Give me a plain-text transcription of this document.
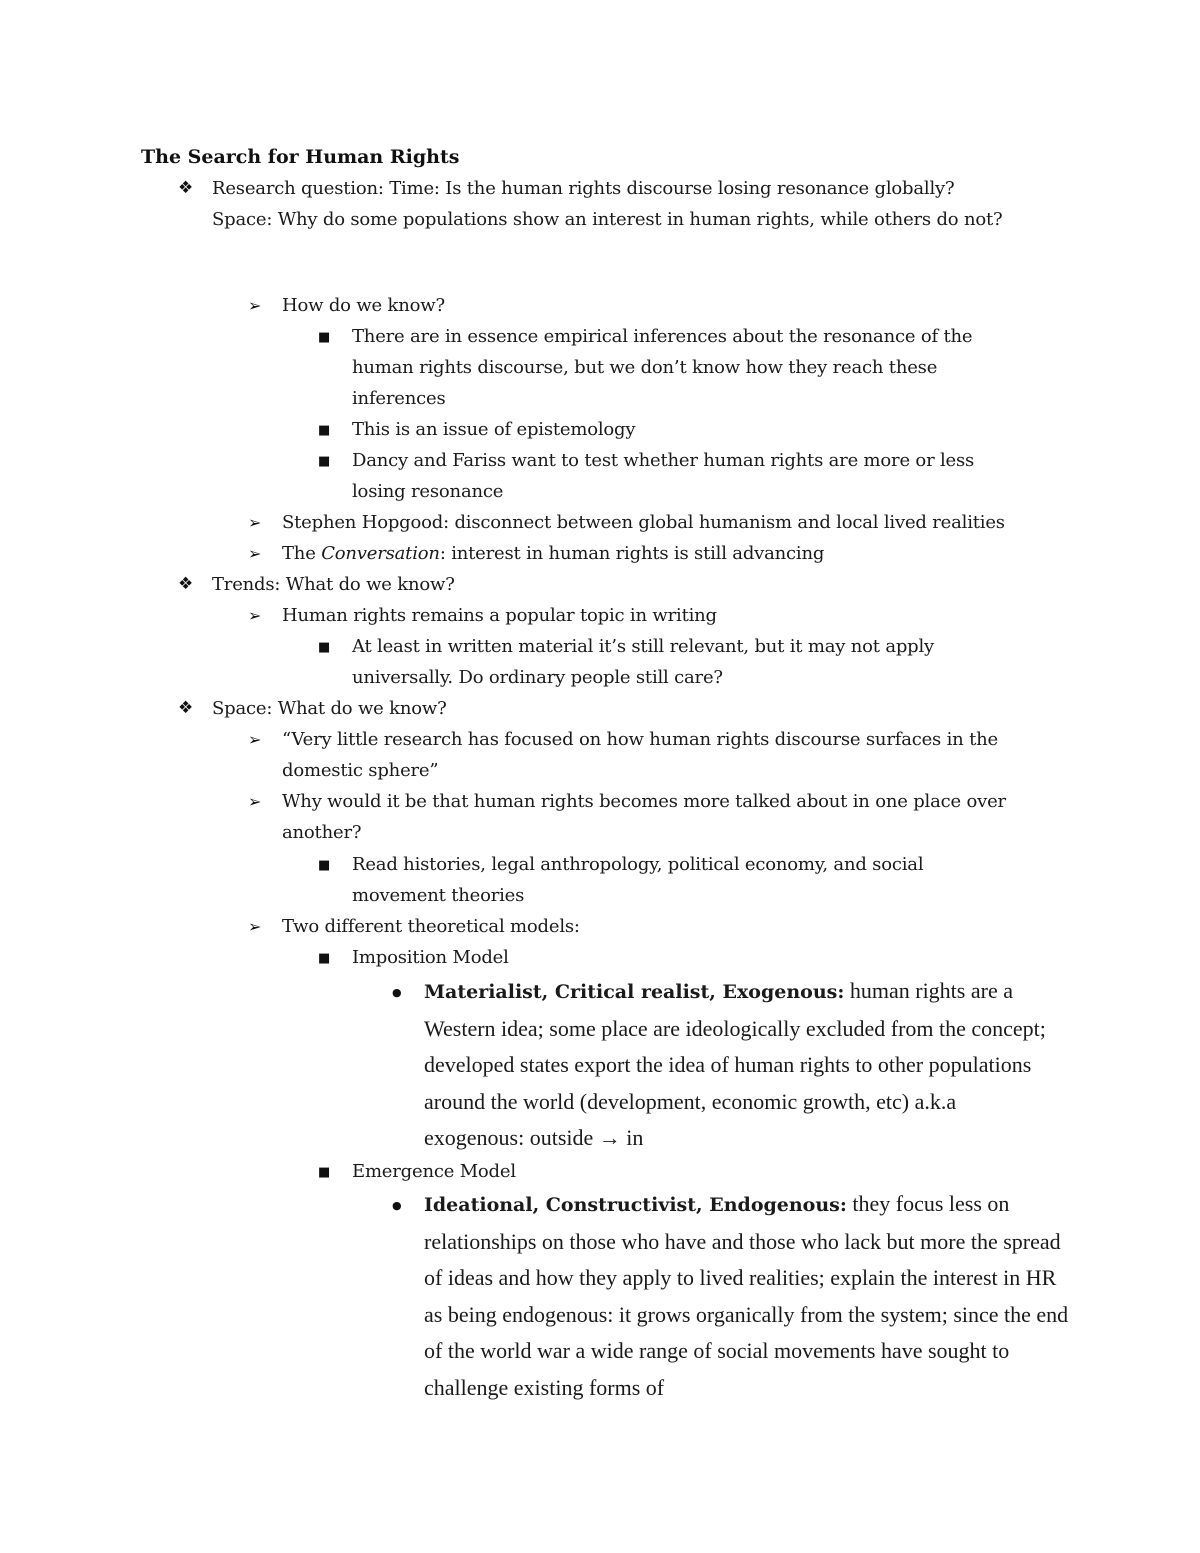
The Search for Human Rights
❖	Research question: Time: Is the human rights discourse losing resonance globally?
Space: Why do some populations show an interest in human rights, while others do not?
➢	How do we know?
■	There are in essence empirical inferences about the resonance of the human rights discourse, but we don’t know how they reach these inferences
■	This is an issue of epistemology
■	Dancy and Fariss want to test whether human rights are more or less losing resonance
➢	Stephen Hopgood: disconnect between global humanism and local lived realities
➢	The Conversation: interest in human rights is still advancing
❖	Trends: What do we know?
➢	Human rights remains a popular topic in writing
■	At least in written material it’s still relevant, but it may not apply universally. Do ordinary people still care?
❖	Space: What do we know?
➢	“Very little research has focused on how human rights discourse surfaces in the domestic sphere”
➢	Why would it be that human rights becomes more talked about in one place over another?
■	Read histories, legal anthropology, political economy, and social movement theories
➢	Two different theoretical models:
■	Imposition Model
●	Materialist, Critical realist, Exogenous: human rights are a Western idea; some place are ideologically excluded from the concept; developed states export the idea of human rights to other populations around the world (development, economic growth, etc) a.k.a exogenous: outside → in
■	Emergence Model
●	Ideational, Constructivist, Endogenous: they focus less on relationships on those who have and those who lack but more the spread of ideas and how they apply to lived realities; explain the interest in HR as being endogenous: it grows organically from the system; since the end of the world war a wide range of social movements have sought to challenge existing forms of
